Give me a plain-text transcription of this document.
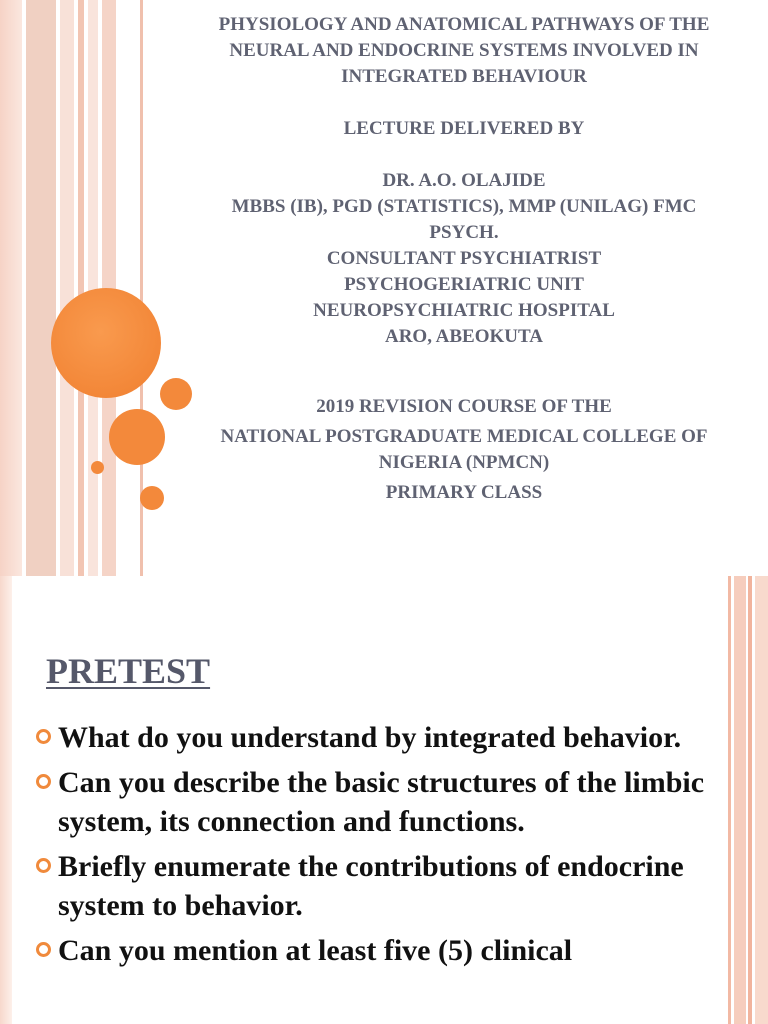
PHYSIOLOGY AND ANATOMICAL PATHWAYS OF THE
NEURAL AND ENDOCRINE SYSTEMS INVOLVED IN
INTEGRATED BEHAVIOUR
LECTURE DELIVERED BY
DR. A.O. OLAJIDE
MBBS (IB), PGD (STATISTICS), MMP (UNILAG) FMC
PSYCH.
CONSULTANT PSYCHIATRIST
PSYCHOGERIATRIC UNIT
NEUROPSYCHIATRIC HOSPITAL
ARO, ABEOKUTA
2019 REVISION COURSE OF THE
NATIONAL POSTGRADUATE MEDICAL COLLEGE OF
NIGERIA (NPMCN)
PRIMARY CLASS
PRETEST
What do you understand by integrated behavior.
Can you describe the basic structures of the limbic system, its connection and functions.
Briefly enumerate the contributions of endocrine system to behavior.
Can you mention at least five (5) clinical
